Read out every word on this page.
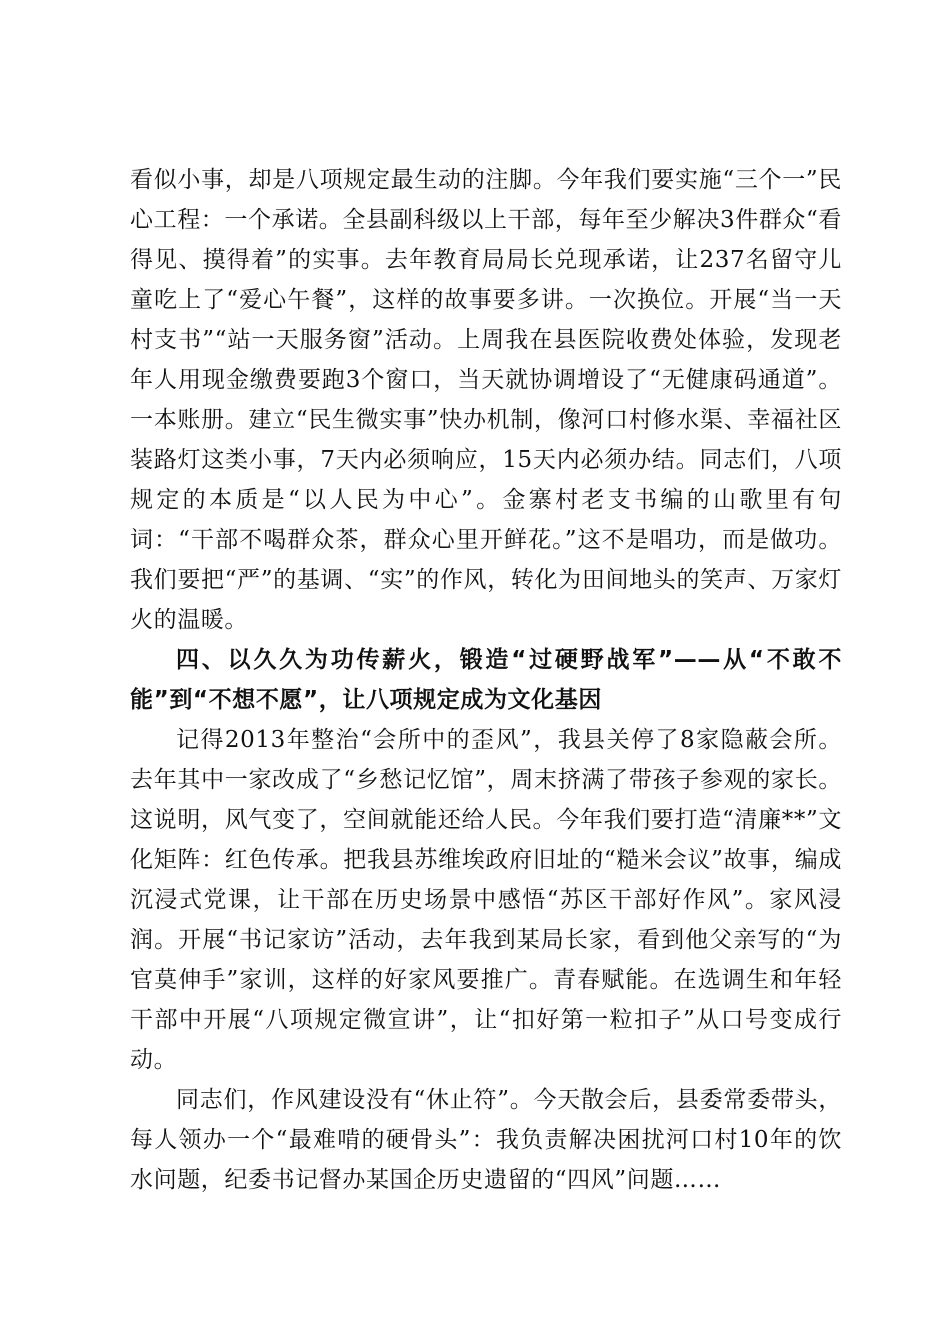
看似小事，却是八项规定最生动的注脚。今年我们要实施“三个一”民心工程：一个承诺。全县副科级以上干部，每年至少解决3件群众“看得见、摸得着”的实事。去年教育局局长兑现承诺，让237名留守儿童吃上了“爱心午餐”，这样的故事要多讲。一次换位。开展“当一天村支书”“站一天服务窗”活动。上周我在县医院收费处体验，发现老年人用现金缴费要跑3个窗口，当天就协调增设了“无健康码通道”。一本账册。建立“民生微实事”快办机制，像河口村修水渠、幸福社区装路灯这类小事，7天内必须响应，15天内必须办结。同志们，八项规定的本质是“以人民为中心”。金寨村老支书编的山歌里有句词：“干部不喝群众茶，群众心里开鲜花。”这不是唱功，而是做功。我们要把“严”的基调、“实”的作风，转化为田间地头的笑声、万家灯火的温暖。

四、以久久为功传薪火，锻造“过硬野战军”——从“不敢不能”到“不想不愿”，让八项规定成为文化基因

记得2013年整治“会所中的歪风”，我县关停了8家隐蔽会所。去年其中一家改成了“乡愁记忆馆”，周末挤满了带孩子参观的家长。这说明，风气变了，空间就能还给人民。今年我们要打造“清廉**”文化矩阵：红色传承。把我县苏维埃政府旧址的“糙米会议”故事，编成沉浸式党课，让干部在历史场景中感悟“苏区干部好作风”。家风浸润。开展“书记家访”活动，去年我到某局长家，看到他父亲写的“为官莫伸手”家训，这样的好家风要推广。青春赋能。在选调生和年轻干部中开展“八项规定微宣讲”，让“扣好第一粒扣子”从口号变成行动。

同志们，作风建设没有“休止符”。今天散会后，县委常委带头，每人领办一个“最难啃的硬骨头”：我负责解决困扰河口村10年的饮水问题，纪委书记督办某国企历史遗留的“四风”问题……
